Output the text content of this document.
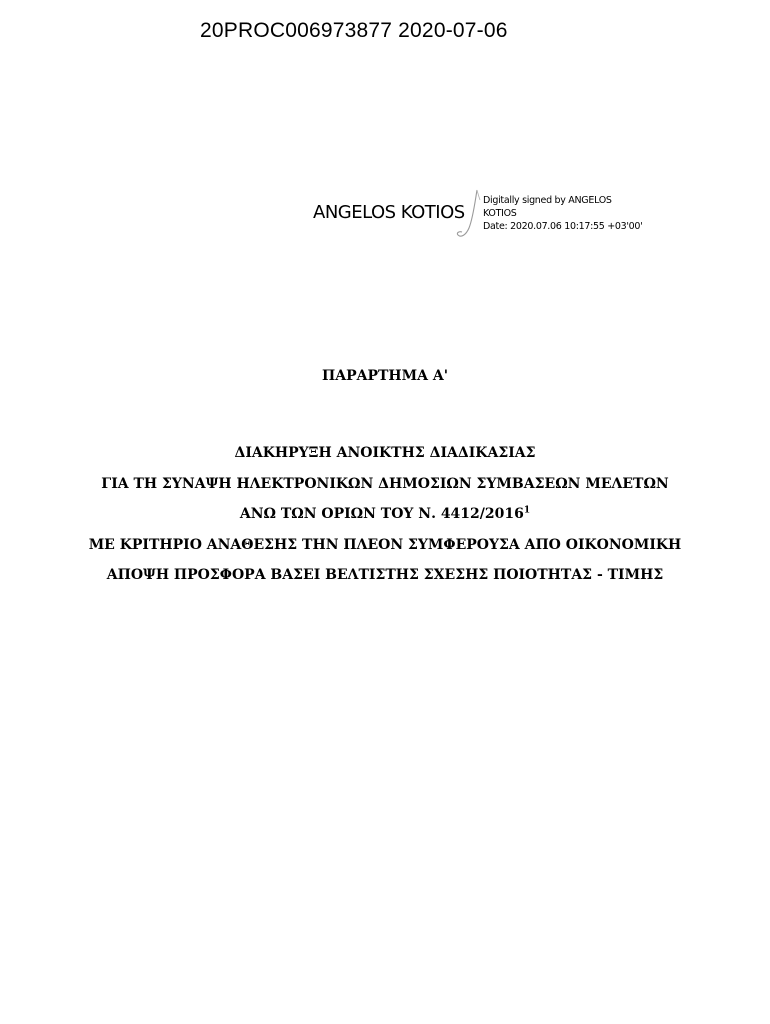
20PROC006973877 2020-07-06
ANGELOS KOTIOS
Digitally signed by ANGELOS
KOTIOS
Date: 2020.07.06 10:17:55 +03'00'
ΠΑΡΑΡΤΗΜΑ Α'
ΔΙΑΚΗΡΥΞΗ ΑΝΟΙΚΤΗΣ ΔΙΑΔΙΚΑΣΙΑΣ
ΓΙΑ ΤΗ ΣΥΝΑΨΗ ΗΛΕΚΤΡΟΝΙΚΩΝ ΔΗΜΟΣΙΩΝ ΣΥΜΒΑΣΕΩΝ ΜΕΛΕΤΩΝ
ΑΝΩ ΤΩΝ ΟΡΙΩΝ ΤΟΥ Ν. 4412/2016$^1$
ΜΕ ΚΡΙΤΗΡΙΟ ΑΝΑΘΕΣΗΣ ΤΗΝ ΠΛΕΟΝ ΣΥΜΦΕΡΟΥΣΑ ΑΠΟ ΟΙΚΟΝΟΜΙΚΗ
ΑΠΟΨΗ ΠΡΟΣΦΟΡΑ ΒΑΣΕΙ ΒΕΛΤΙΣΤΗΣ ΣΧΕΣΗΣ ΠΟΙΟΤΗΤΑΣ - ΤΙΜΗΣ
